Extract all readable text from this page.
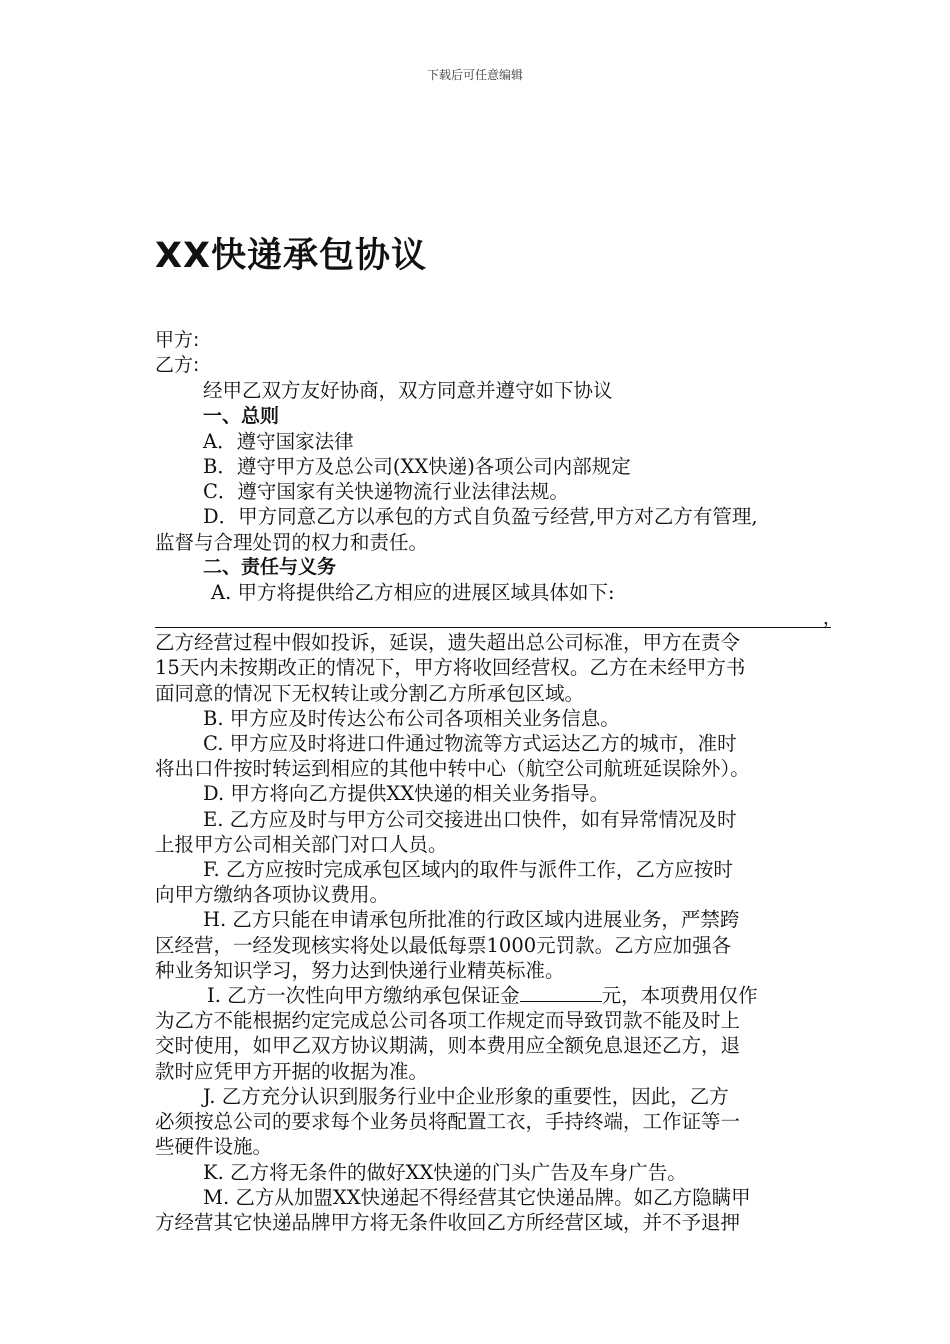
下载后可任意编辑
XX快递承包协议
甲方:
乙方:
经甲乙双方友好协商，双方同意并遵守如下协议
一、总则
A．遵守国家法律
B．遵守甲方及总公司(XX快递)各项公司内部规定
C．遵守国家有关快递物流行业法律法规。
D．甲方同意乙方以承包的方式自负盈亏经营,甲方对乙方有管理,
监督与合理处罚的权力和责任。
二、责任与义务
A. 甲方将提供给乙方相应的进展区域具体如下:
，
乙方经营过程中假如投诉，延误，遗失超出总公司标准，甲方在责令
15天内未按期改正的情况下，甲方将收回经营权。乙方在未经甲方书
面同意的情况下无权转让或分割乙方所承包区域。
B. 甲方应及时传达公布公司各项相关业务信息。
C. 甲方应及时将进口件通过物流等方式运达乙方的城市，准时
将出口件按时转运到相应的其他中转中心（航空公司航班延误除外）。
D. 甲方将向乙方提供XX快递的相关业务指导。
E. 乙方应及时与甲方公司交接进出口快件，如有异常情况及时
上报甲方公司相关部门对口人员。
F. 乙方应按时完成承包区域内的取件与派件工作，乙方应按时
向甲方缴纳各项协议费用。
H. 乙方只能在申请承包所批准的行政区域内进展业务，严禁跨
区经营，一经发现核实将处以最低每票1000元罚款。乙方应加强各
种业务知识学习，努力达到快递行业精英标准。
I. 乙方一次性向甲方缴纳承包保证金	元，本项费用仅作
为乙方不能根据约定完成总公司各项工作规定而导致罚款不能及时上
交时使用，如甲乙双方协议期满，则本费用应全额免息退还乙方，退
款时应凭甲方开据的收据为准。
J. 乙方充分认识到服务行业中企业形象的重要性，因此，乙方
必须按总公司的要求每个业务员将配置工衣，手持终端，工作证等一
些硬件设施。
K. 乙方将无条件的做好XX快递的门头广告及车身广告。
M. 乙方从加盟XX快递起不得经营其它快递品牌。如乙方隐瞒甲
方经营其它快递品牌甲方将无条件收回乙方所经营区域，并不予退押
